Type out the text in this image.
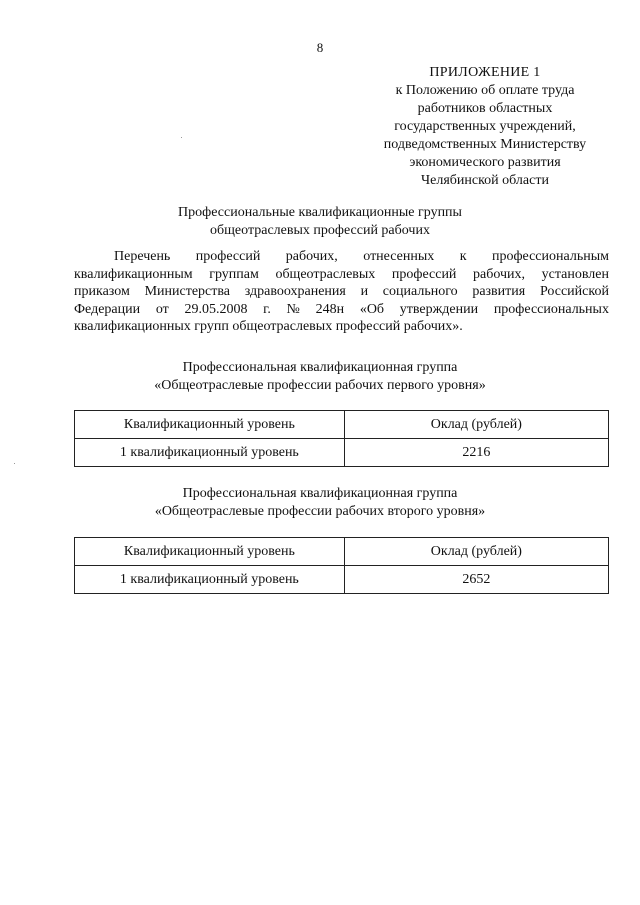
8
ПРИЛОЖЕНИЕ 1
к Положению об оплате труда
работников областных
государственных учреждений,
подведомственных Министерству
экономического развития
Челябинской области
Профессиональные квалификационные группы
общеотраслевых профессий рабочих
Перечень профессий рабочих, отнесенных к профессиональным
квалификационным группам общеотраслевых профессий рабочих, установлен
приказом Министерства здравоохранения и социального развития Российской
Федерации от 29.05.2008 г. № 248н «Об утверждении профессиональных
квалификационных групп общеотраслевых профессий рабочих».
Профессиональная квалификационная группа
«Общеотраслевые профессии рабочих первого уровня»
Квалификационный уровень	Оклад (рублей)
1 квалификационный уровень	2216
Профессиональная квалификационная группа
«Общеотраслевые профессии рабочих второго уровня»
Квалификационный уровень	Оклад (рублей)
1 квалификационный уровень	2652
